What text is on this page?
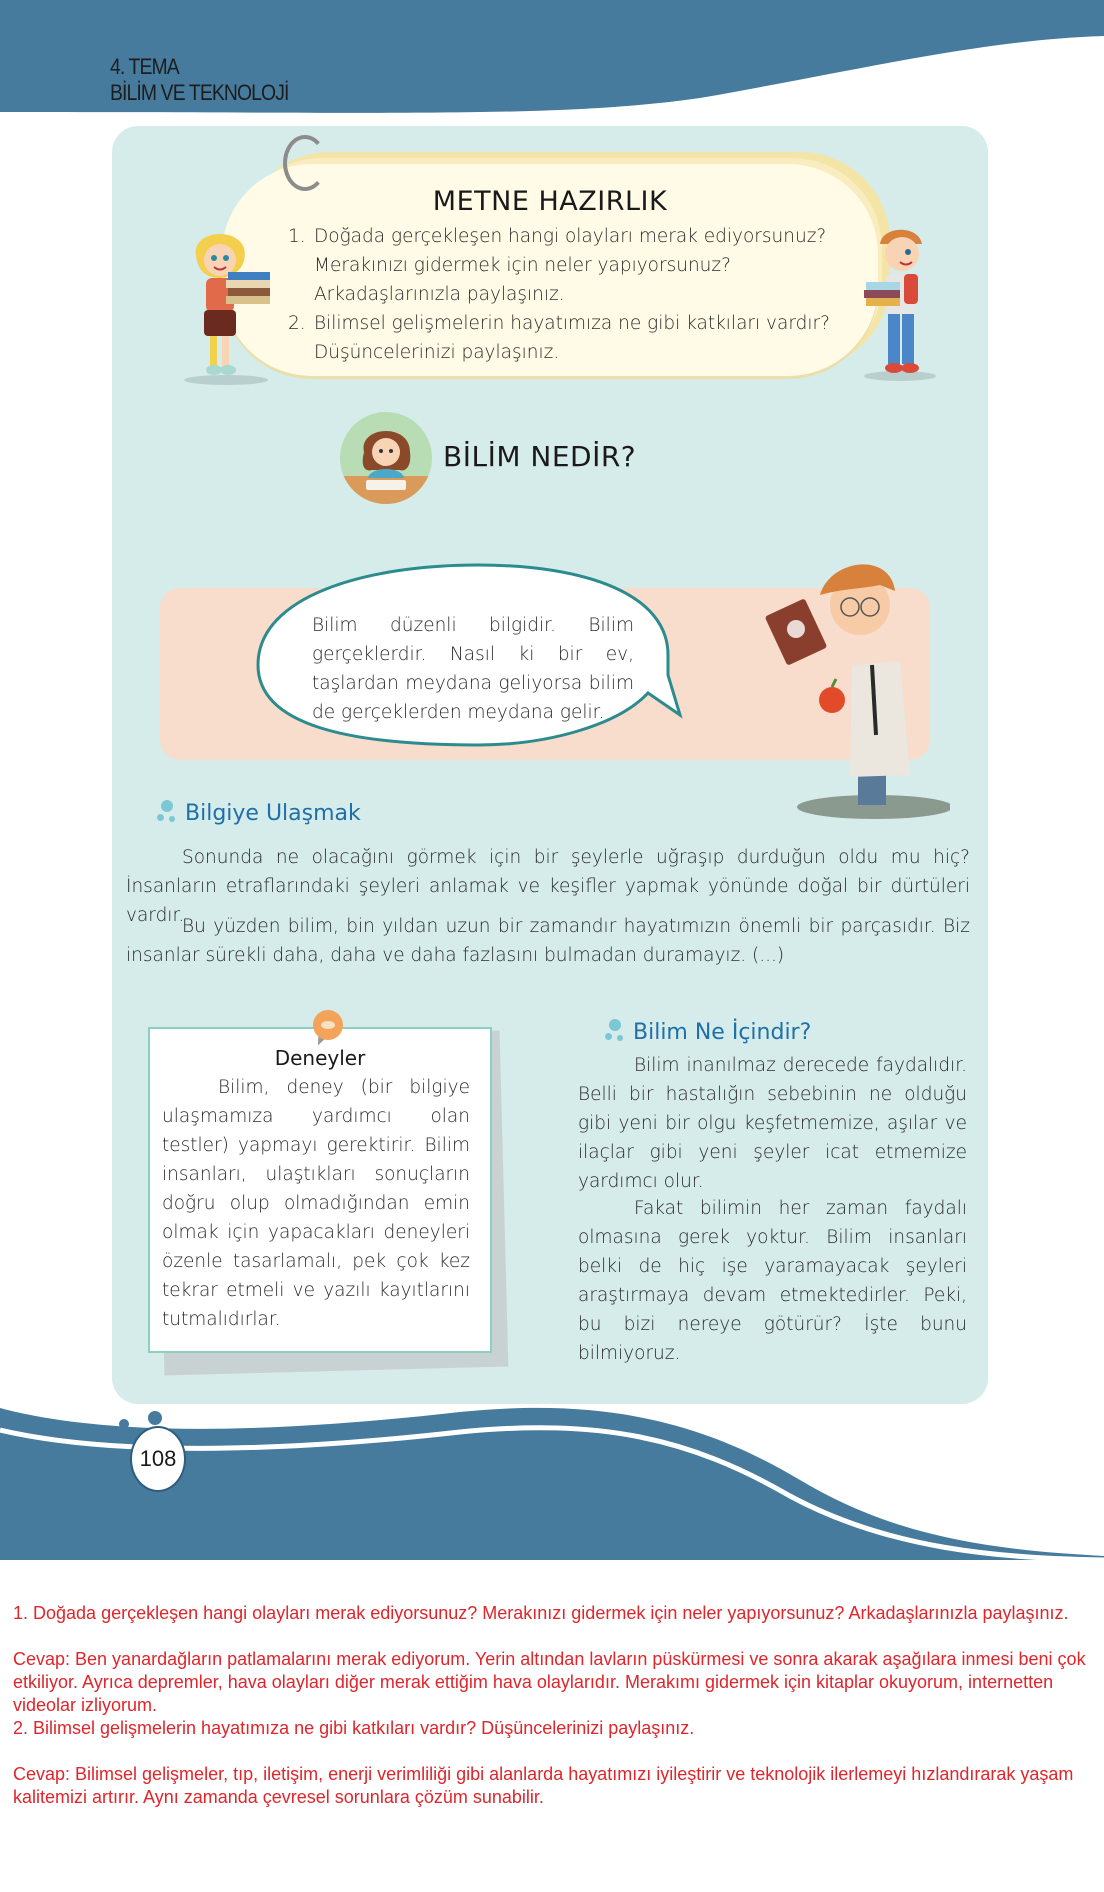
4. TEMA
BİLİM VE TEKNOLOJİ
METNE HAZIRLIK
1. Doğada gerçekleşen hangi olayları merak ediyorsunuz? Merakınızı gidermek için neler yapıyorsunuz? Arkadaşlarınızla paylaşınız.
2. Bilimsel gelişmelerin hayatımıza ne gibi katkıları vardır? Düşüncelerinizi paylaşınız.
BİLİM NEDİR?
Bilim düzenli bilgidir. Bilim gerçeklerdir. Nasıl ki bir ev, taşlardan meydana geliyorsa bilim de gerçeklerden meydana gelir.
Bilgiye Ulaşmak
Sonunda ne olacağını görmek için bir şeylerle uğraşıp durduğun oldu mu hiç? İnsanların etraflarındaki şeyleri anlamak ve keşifler yapmak yönünde doğal bir dürtüleri vardır.
Bu yüzden bilim, bin yıldan uzun bir zamandır hayatımızın önemli bir parçasıdır. Biz insanlar sürekli daha, daha ve daha fazlasını bulmadan duramayız. (...)
Deneyler
Bilim, deney (bir bilgiye ulaşmamıza yardımcı olan testler) yapmayı gerektirir. Bilim insanları, ulaştıkları sonuçların doğru olup olmadığından emin olmak için yapacakları deneyleri özenle tasarlamalı, pek çok kez tekrar etmeli ve yazılı kayıtlarını tutmalıdırlar.
Bilim Ne İçindir?
Bilim inanılmaz derecede faydalıdır. Belli bir hastalığın sebebinin ne olduğu gibi yeni bir olgu keşfetmemize, aşılar ve ilaçlar gibi yeni şeyler icat etmemize yardımcı olur.
Fakat bilimin her zaman faydalı olmasına gerek yoktur. Bilim insanları belki de hiç işe yaramayacak şeyleri araştırmaya devam etmektedirler. Peki, bu bizi nereye götürür? İşte bunu bilmiyoruz.
108

1. Doğada gerçekleşen hangi olayları merak ediyorsunuz? Merakınızı gidermek için neler yapıyorsunuz? Arkadaşlarınızla paylaşınız.

Cevap: Ben yanardağların patlamalarını merak ediyorum. Yerin altından lavların püskürmesi ve sonra akarak aşağılara inmesi beni çok etkiliyor. Ayrıca depremler, hava olayları diğer merak ettiğim hava olaylarıdır. Merakımı gidermek için kitaplar okuyorum, internetten videolar izliyorum.

2. Bilimsel gelişmelerin hayatımıza ne gibi katkıları vardır? Düşüncelerinizi paylaşınız.

Cevap: Bilimsel gelişmeler, tıp, iletişim, enerji verimliliği gibi alanlarda hayatımızı iyileştirir ve teknolojik ilerlemeyi hızlandırarak yaşam kalitemizi artırır. Aynı zamanda çevresel sorunlara çözüm sunabilir.
